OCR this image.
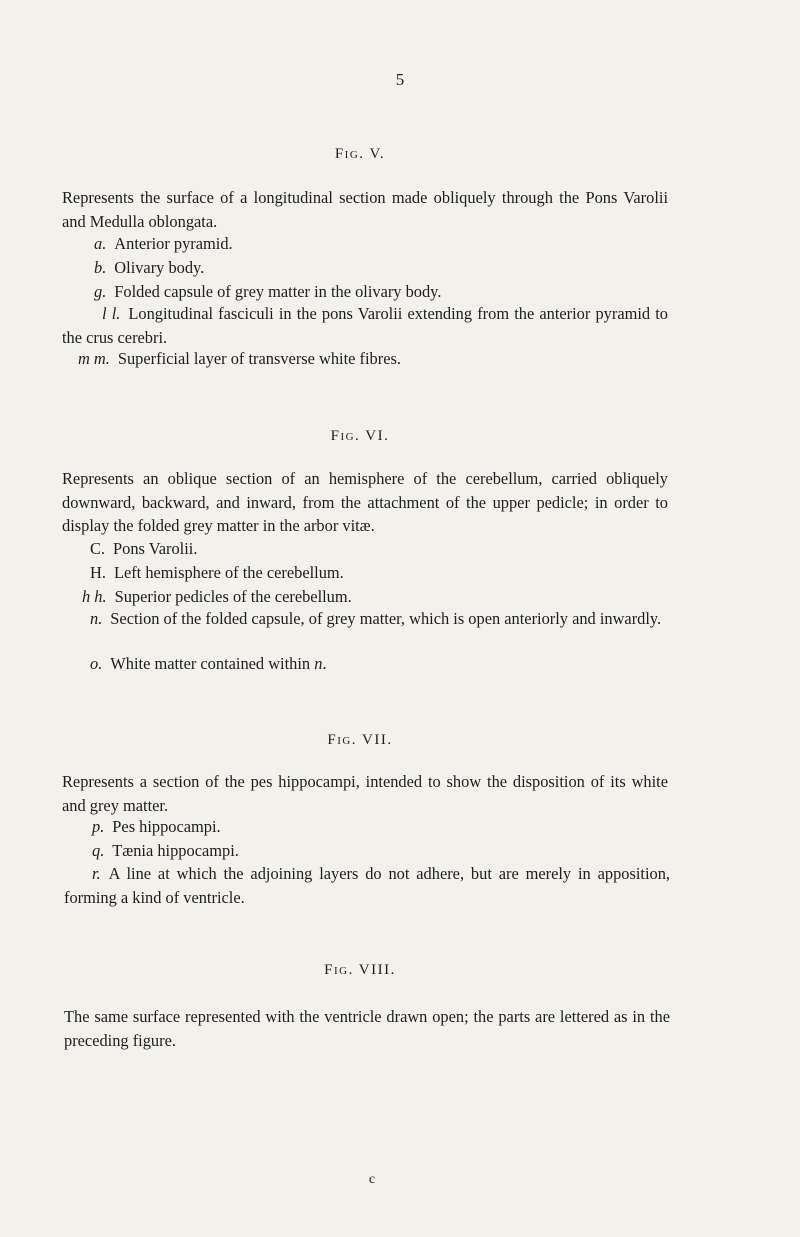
5
Fig. V.
Represents the surface of a longitudinal section made obliquely through the Pons Varolii and Medulla oblongata.
a. Anterior pyramid.
b. Olivary body.
g. Folded capsule of grey matter in the olivary body.
l l. Longitudinal fasciculi in the pons Varolii extending from the anterior pyramid to the crus cerebri.
m m. Superficial layer of transverse white fibres.
Fig. VI.
Represents an oblique section of an hemisphere of the cerebellum, carried obliquely downward, backward, and inward, from the attachment of the upper pedicle; in order to display the folded grey matter in the arbor vitæ.
C. Pons Varolii.
H. Left hemisphere of the cerebellum.
h h. Superior pedicles of the cerebellum.
n. Section of the folded capsule, of grey matter, which is open anteriorly and inwardly.
o. White matter contained within n.
Fig. VII.
Represents a section of the pes hippocampi, intended to show the disposition of its white and grey matter.
p. Pes hippocampi.
q. Tænia hippocampi.
r. A line at which the adjoining layers do not adhere, but are merely in apposition, forming a kind of ventricle.
Fig. VIII.
The same surface represented with the ventricle drawn open; the parts are lettered as in the preceding figure.
c
